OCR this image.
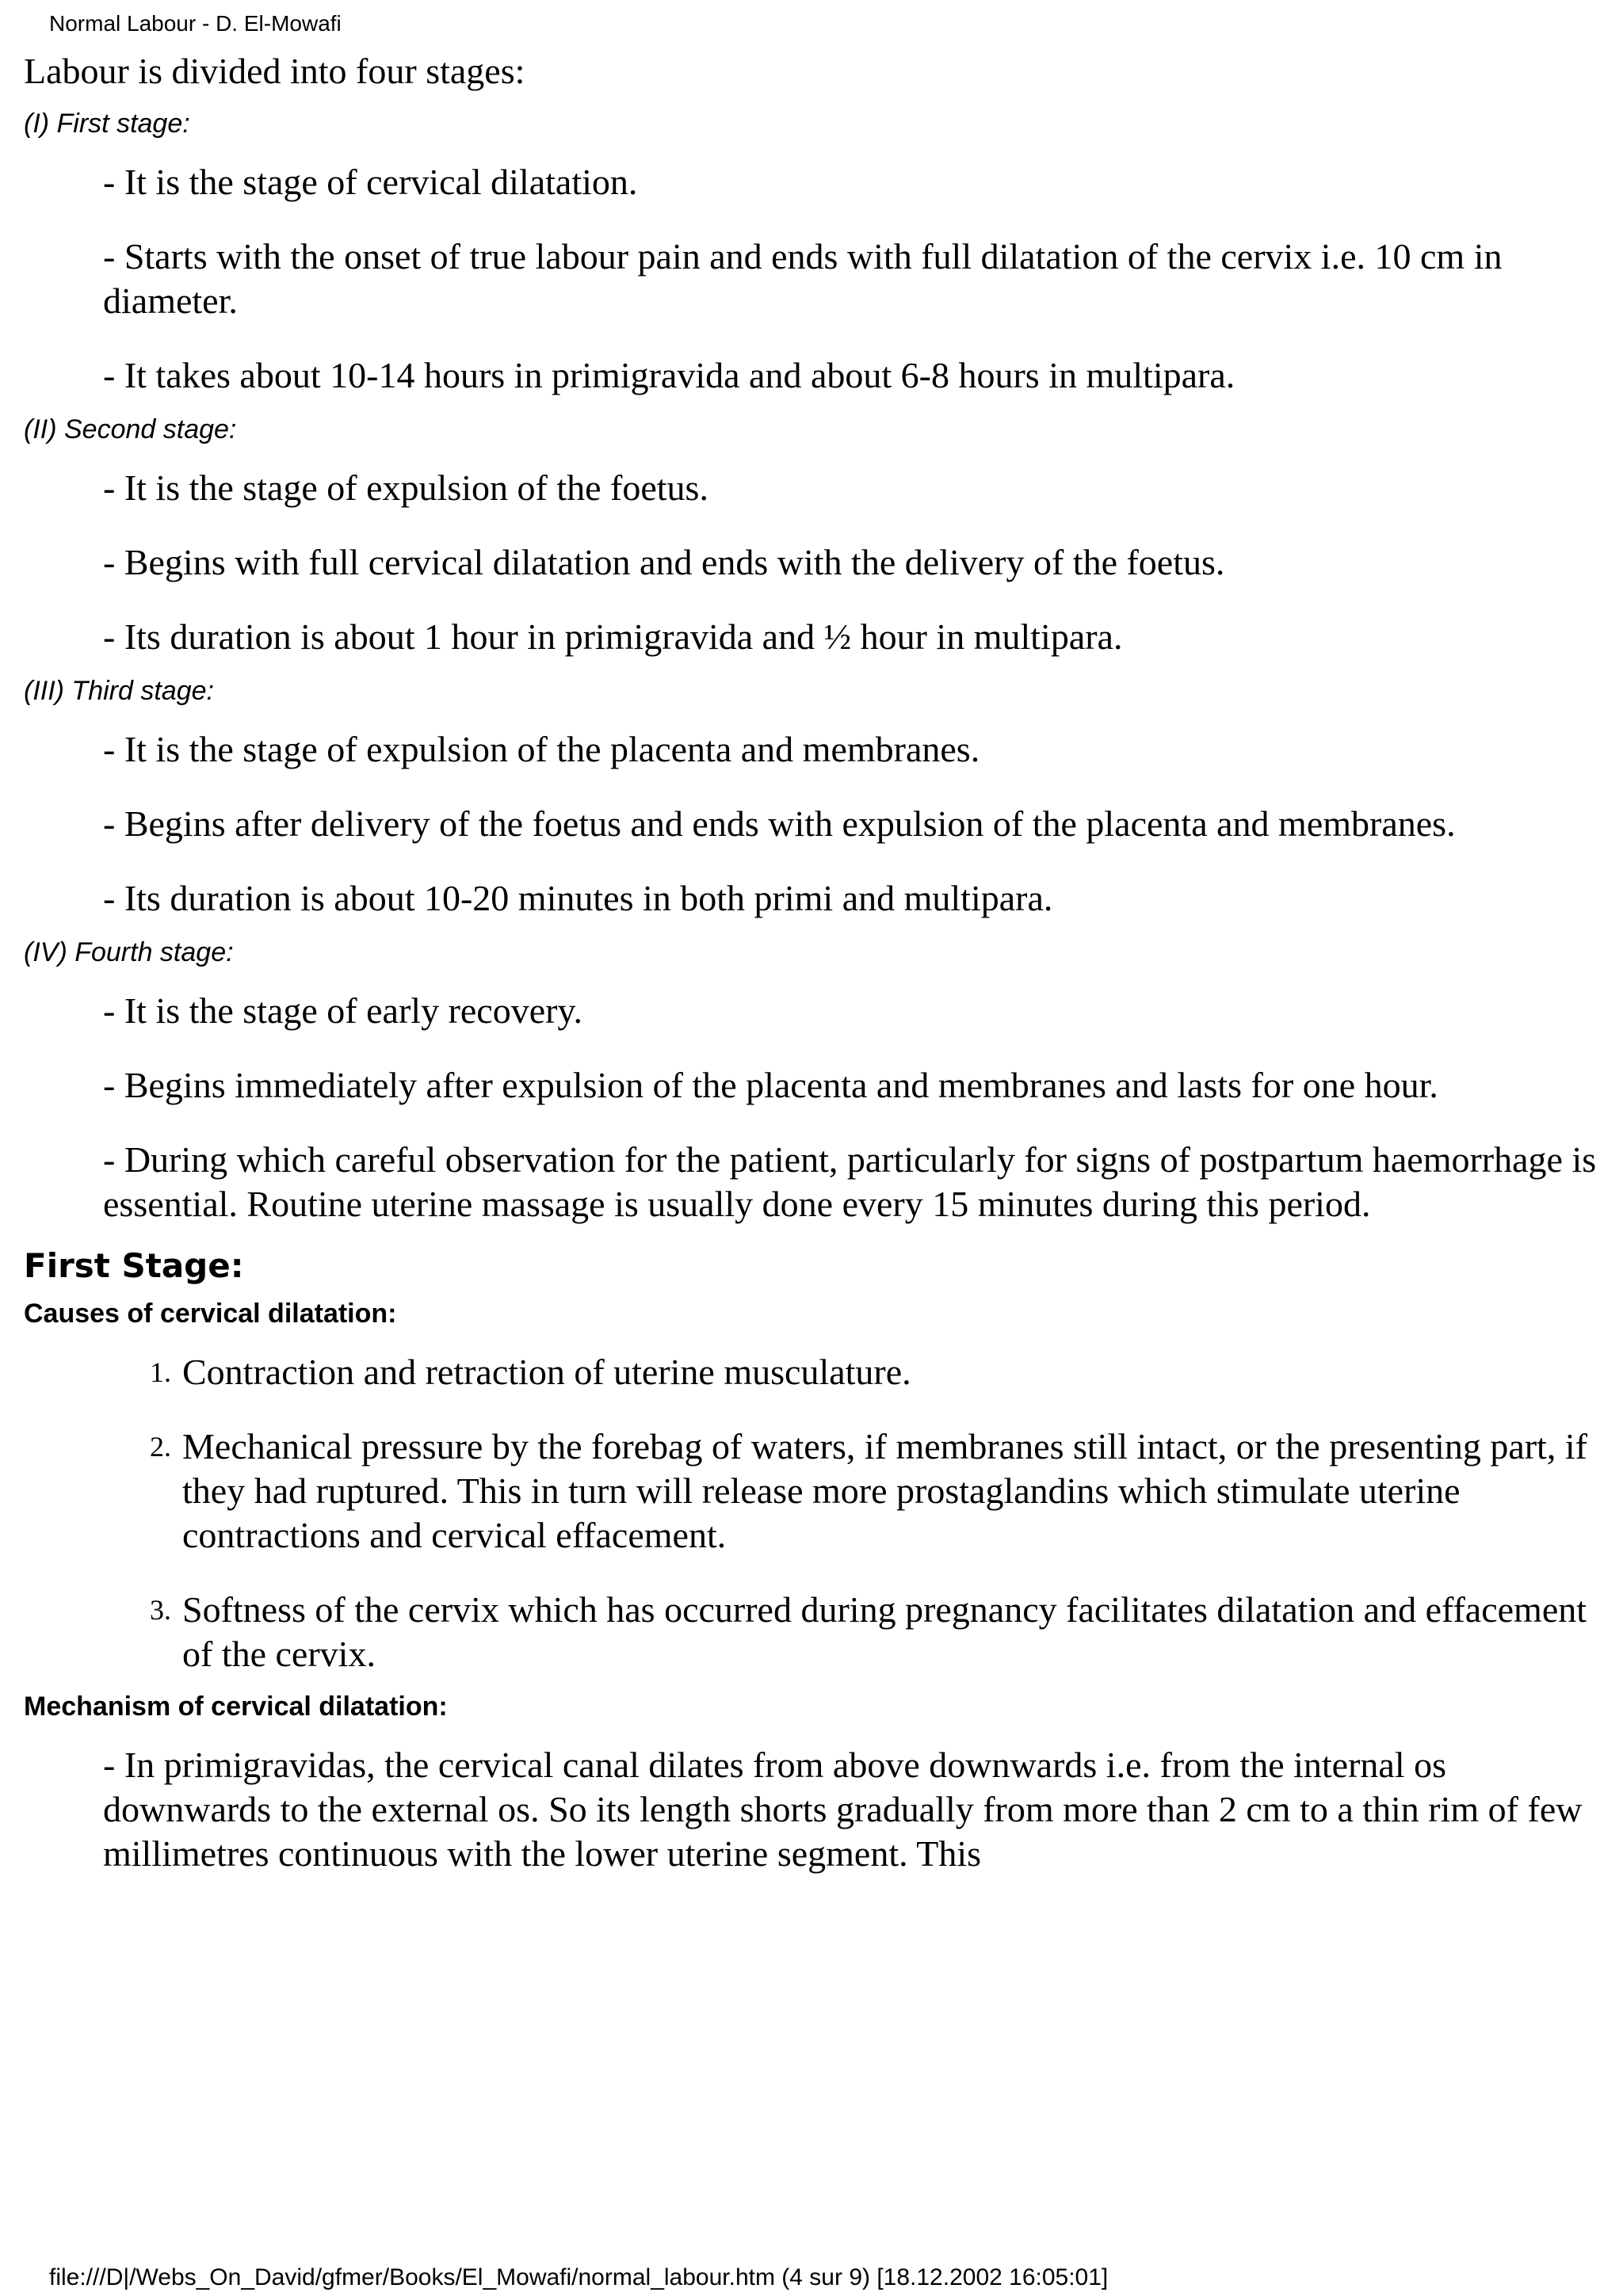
Normal Labour - D. El-Mowafi

Labour is divided into four stages:

(I) First stage:

- It is the stage of cervical dilatation.

- Starts with the onset of true labour pain and ends with full dilatation of the cervix i.e. 10 cm in diameter.

- It takes about 10-14 hours in primigravida and about 6-8 hours in multipara.

(II) Second stage:

- It is the stage of expulsion of the foetus.

- Begins with full cervical dilatation and ends with the delivery of the foetus.

- Its duration is about 1 hour in primigravida and ½ hour in multipara.

(III) Third stage:

- It is the stage of expulsion of the placenta and membranes.

- Begins after delivery of the foetus and ends with expulsion of the placenta and membranes.

- Its duration is about 10-20 minutes in both primi and multipara.

(IV) Fourth stage:

- It is the stage of early recovery.

- Begins immediately after expulsion of the placenta and membranes and lasts for one hour.

- During which careful observation for the patient, particularly for signs of postpartum haemorrhage is essential. Routine uterine massage is usually done every 15 minutes during this period.

First Stage:
Causes of cervical dilatation:
1. Contraction and retraction of uterine musculature.
2. Mechanical pressure by the forebag of waters, if membranes still intact, or the presenting part, if they had ruptured. This in turn will release more prostaglandins which stimulate uterine contractions and cervical effacement.
3. Softness of the cervix which has occurred during pregnancy facilitates dilatation and effacement of the cervix.
Mechanism of cervical dilatation:

- In primigravidas, the cervical canal dilates from above downwards i.e. from the internal os downwards to the external os. So its length shorts gradually from more than 2 cm to a thin rim of few millimetres continuous with the lower uterine segment. This

file:///D|/Webs_On_David/gfmer/Books/El_Mowafi/normal_labour.htm (4 sur 9) [18.12.2002 16:05:01]
